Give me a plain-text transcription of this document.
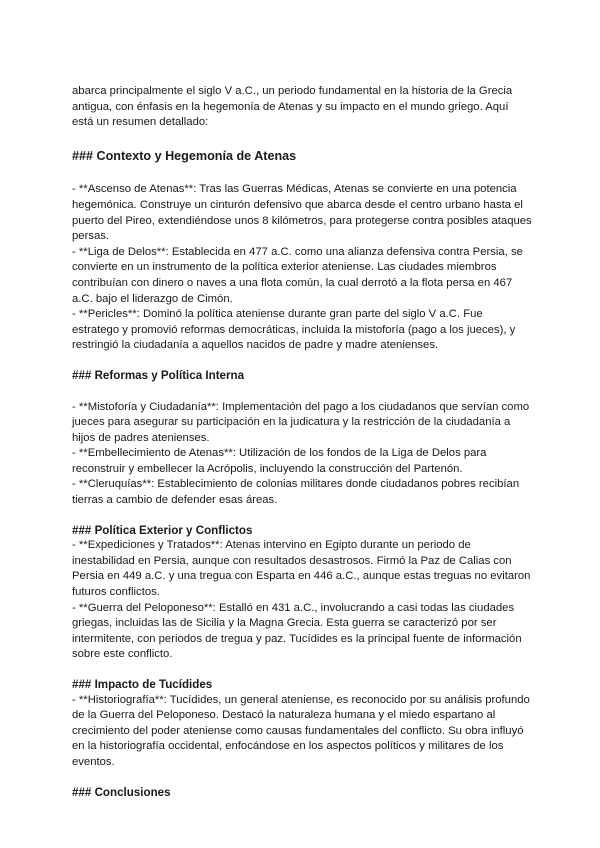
abarca principalmente el siglo V a.C., un periodo fundamental en la historia de la Grecia antigua, con énfasis en la hegemonía de Atenas y su impacto en el mundo griego. Aquí está un resumen detallado:

### Contexto y Hegemonía de Atenas

- **Ascenso de Atenas**: Tras las Guerras Médicas, Atenas se convierte en una potencia hegemónica. Construye un cinturón defensivo que abarca desde el centro urbano hasta el puerto del Pireo, extendiéndose unos 8 kilómetros, para protegerse contra posibles ataques persas.

- **Liga de Delos**: Establecida en 477 a.C. como una alianza defensiva contra Persia, se convierte en un instrumento de la política exterior ateniense. Las ciudades miembros contribuían con dinero o naves a una flota común, la cual derrotó a la flota persa en 467 a.C. bajo el liderazgo de Cimón.

- **Pericles**: Dominó la política ateniense durante gran parte del siglo V a.C. Fue estratego y promovió reformas democráticas, incluida la mistoforía (pago a los jueces), y restringió la ciudadanía a aquellos nacidos de padre y madre atenienses.

### Reformas y Política Interna

- **Mistoforía y Ciudadanía**: Implementación del pago a los ciudadanos que servían como jueces para asegurar su participación en la judicatura y la restricción de la ciudadanía a hijos de padres atenienses.

- **Embellecimiento de Atenas**: Utilización de los fondos de la Liga de Delos para reconstruir y embellecer la Acrópolis, incluyendo la construcción del Partenón.

- **Cleruquías**: Establecimiento de colonias militares donde ciudadanos pobres recibían tierras a cambio de defender esas áreas.

### Política Exterior y Conflictos

- **Expediciones y Tratados**: Atenas intervino en Egipto durante un periodo de inestabilidad en Persia, aunque con resultados desastrosos. Firmó la Paz de Calias con Persia en 449 a.C. y una tregua con Esparta en 446 a.C., aunque estas treguas no evitaron futuros conflictos.

- **Guerra del Peloponeso**: Estalló en 431 a.C., involucrando a casi todas las ciudades griegas, incluidas las de Sicilia y la Magna Grecia. Esta guerra se caracterizó por ser intermitente, con periodos de tregua y paz. Tucídides es la principal fuente de información sobre este conflicto.

### Impacto de Tucídides

- **Historiografía**: Tucídides, un general ateniense, es reconocido por su análisis profundo de la Guerra del Peloponeso. Destacó la naturaleza humana y el miedo espartano al crecimiento del poder ateniense como causas fundamentales del conflicto. Su obra influyó en la historiografía occidental, enfocándose en los aspectos políticos y militares de los eventos.

### Conclusiones
